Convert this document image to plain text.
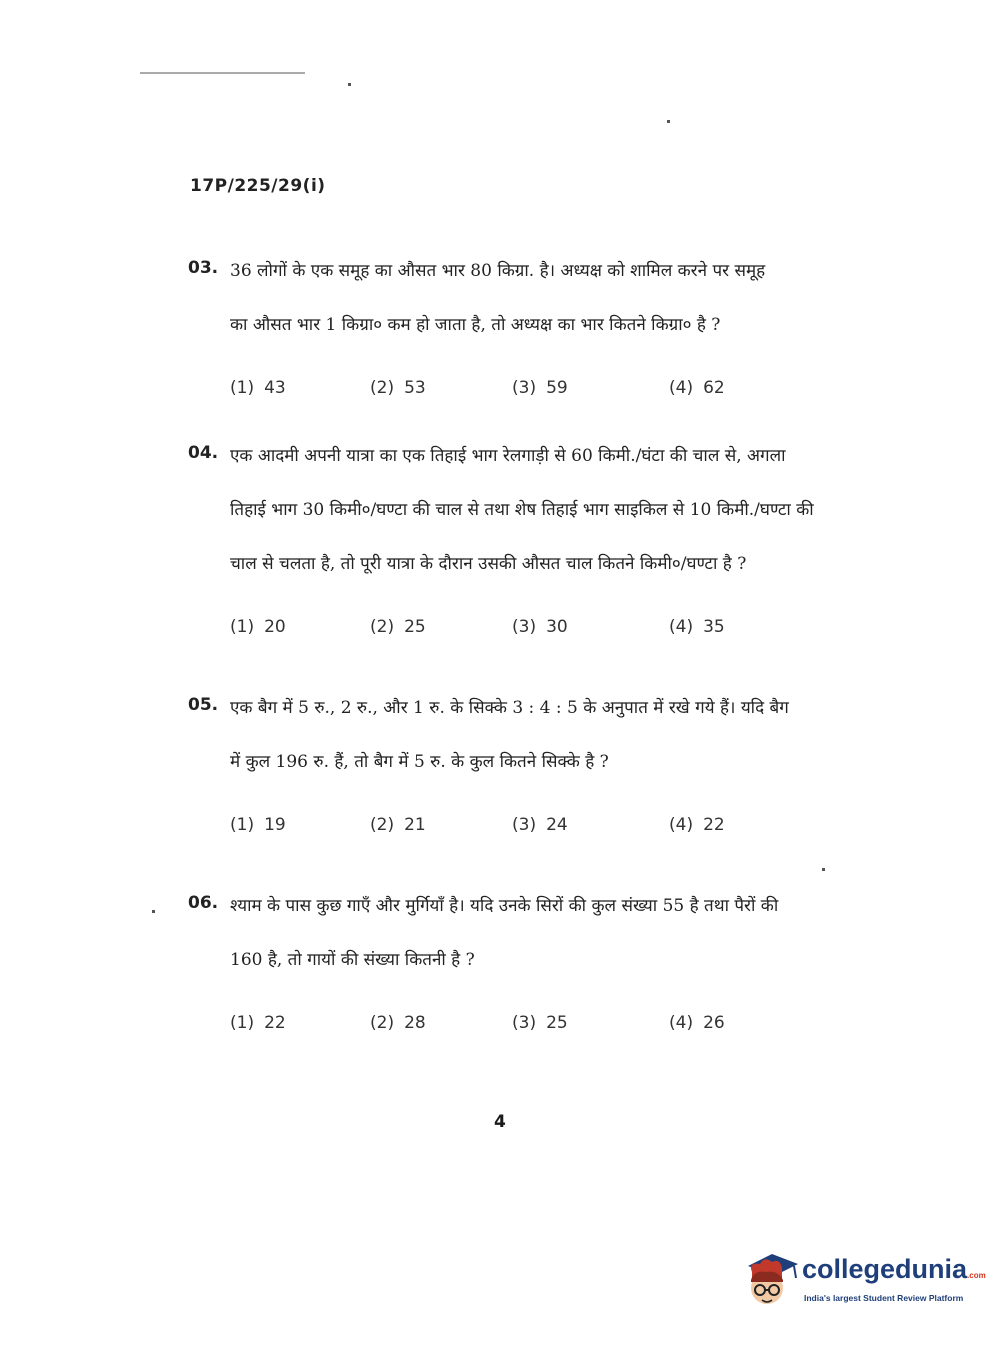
17P/225/29(i)
03. 36 लोगों के एक समूह का औसत भार 80 किग्रा. है। अध्यक्ष को शामिल करने पर समूह
का औसत भार 1 किग्रा० कम हो जाता है, तो अध्यक्ष का भार कितने किग्रा० है ?
(1) 43	(2) 53	(3) 59	(4) 62
04. एक आदमी अपनी यात्रा का एक तिहाई भाग रेलगाड़ी से 60 किमी./घंटा की चाल से, अगला
तिहाई भाग 30 किमी०/घण्टा की चाल से तथा शेष तिहाई भाग साइकिल से 10 किमी./घण्टा की
चाल से चलता है, तो पूरी यात्रा के दौरान उसकी औसत चाल कितने किमी०/घण्टा है ?
(1) 20	(2) 25	(3) 30	(4) 35
05. एक बैग में 5 रु., 2 रु., और 1 रु. के सिक्के 3 : 4 : 5 के अनुपात में रखे गये हैं। यदि बैग
में कुल 196 रु. हैं, तो बैग में 5 रु. के कुल कितने सिक्के है ?
(1) 19	(2) 21	(3) 24	(4) 22
06. श्याम के पास कुछ गाएँ और मुर्गियाँ है। यदि उनके सिरों की कुल संख्या 55 है तथा पैरों की
160 है, तो गायों की संख्या कितनी है ?
(1) 22	(2) 28	(3) 25	(4) 26
4
collegedunia.com
India's largest Student Review Platform
